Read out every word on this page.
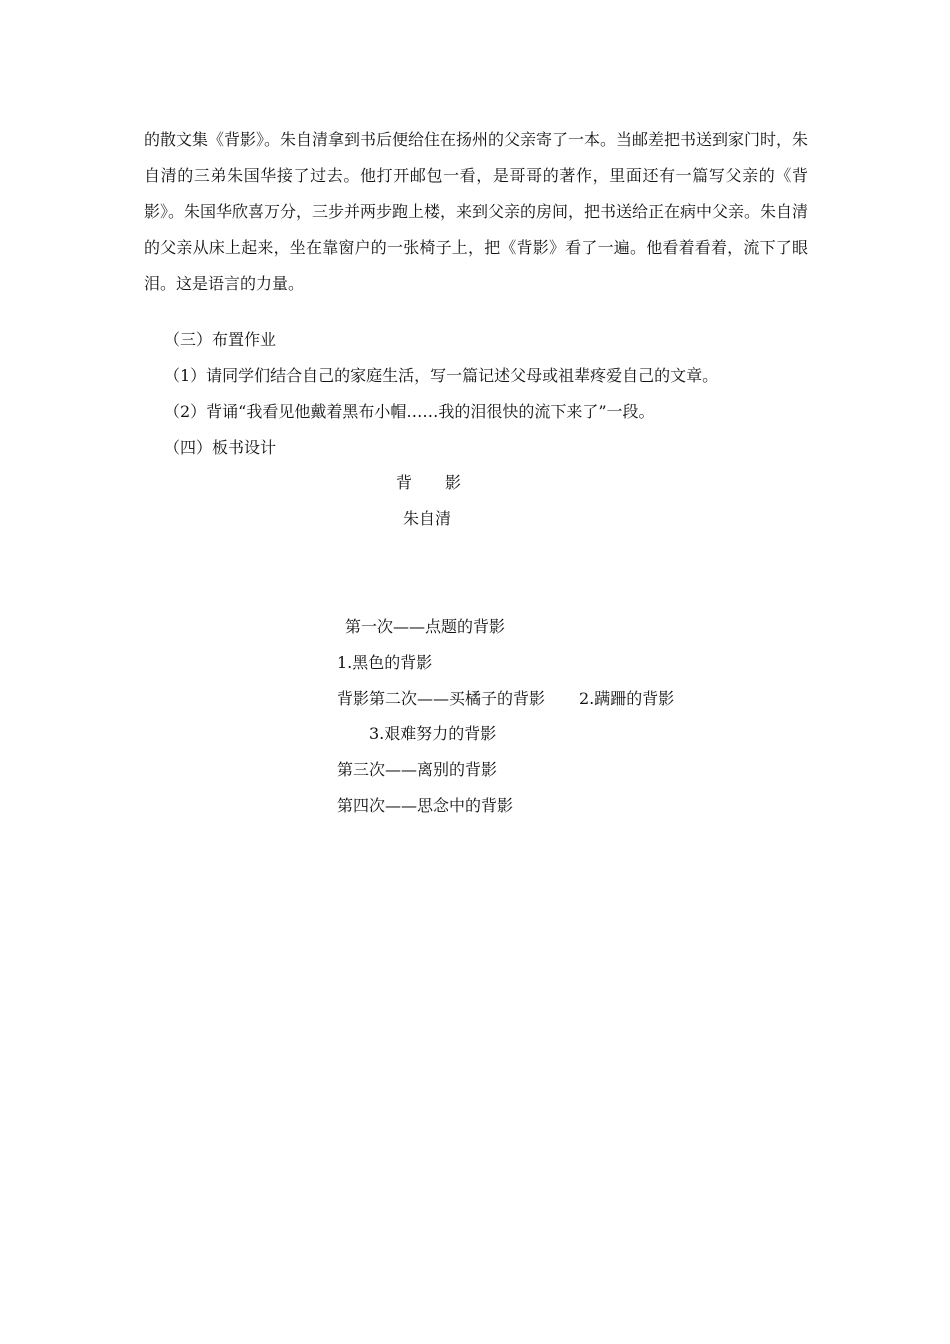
的散文集《背影》。朱自清拿到书后便给住在扬州的父亲寄了一本。当邮差把书送到家门时，朱自清的三弟朱国华接了过去。他打开邮包一看，是哥哥的著作，里面还有一篇写父亲的《背影》。朱国华欣喜万分，三步并两步跑上楼，来到父亲的房间，把书送给正在病中父亲。朱自清的父亲从床上起来，坐在靠窗户的一张椅子上，把《背影》看了一遍。他看着看着，流下了眼泪。这是语言的力量。
（三）布置作业
（1）请同学们结合自己的家庭生活，写一篇记述父母或祖辈疼爱自己的文章。
（2）背诵“我看见他戴着黑布小帽……我的泪很快的流下来了”一段。
（四）板书设计
背 影
朱自清
第一次——点题的背影
1.黑色的背影
背影第二次——买橘子的背影 2.蹒跚的背影
3.艰难努力的背影
第三次——离别的背影
第四次——思念中的背影
